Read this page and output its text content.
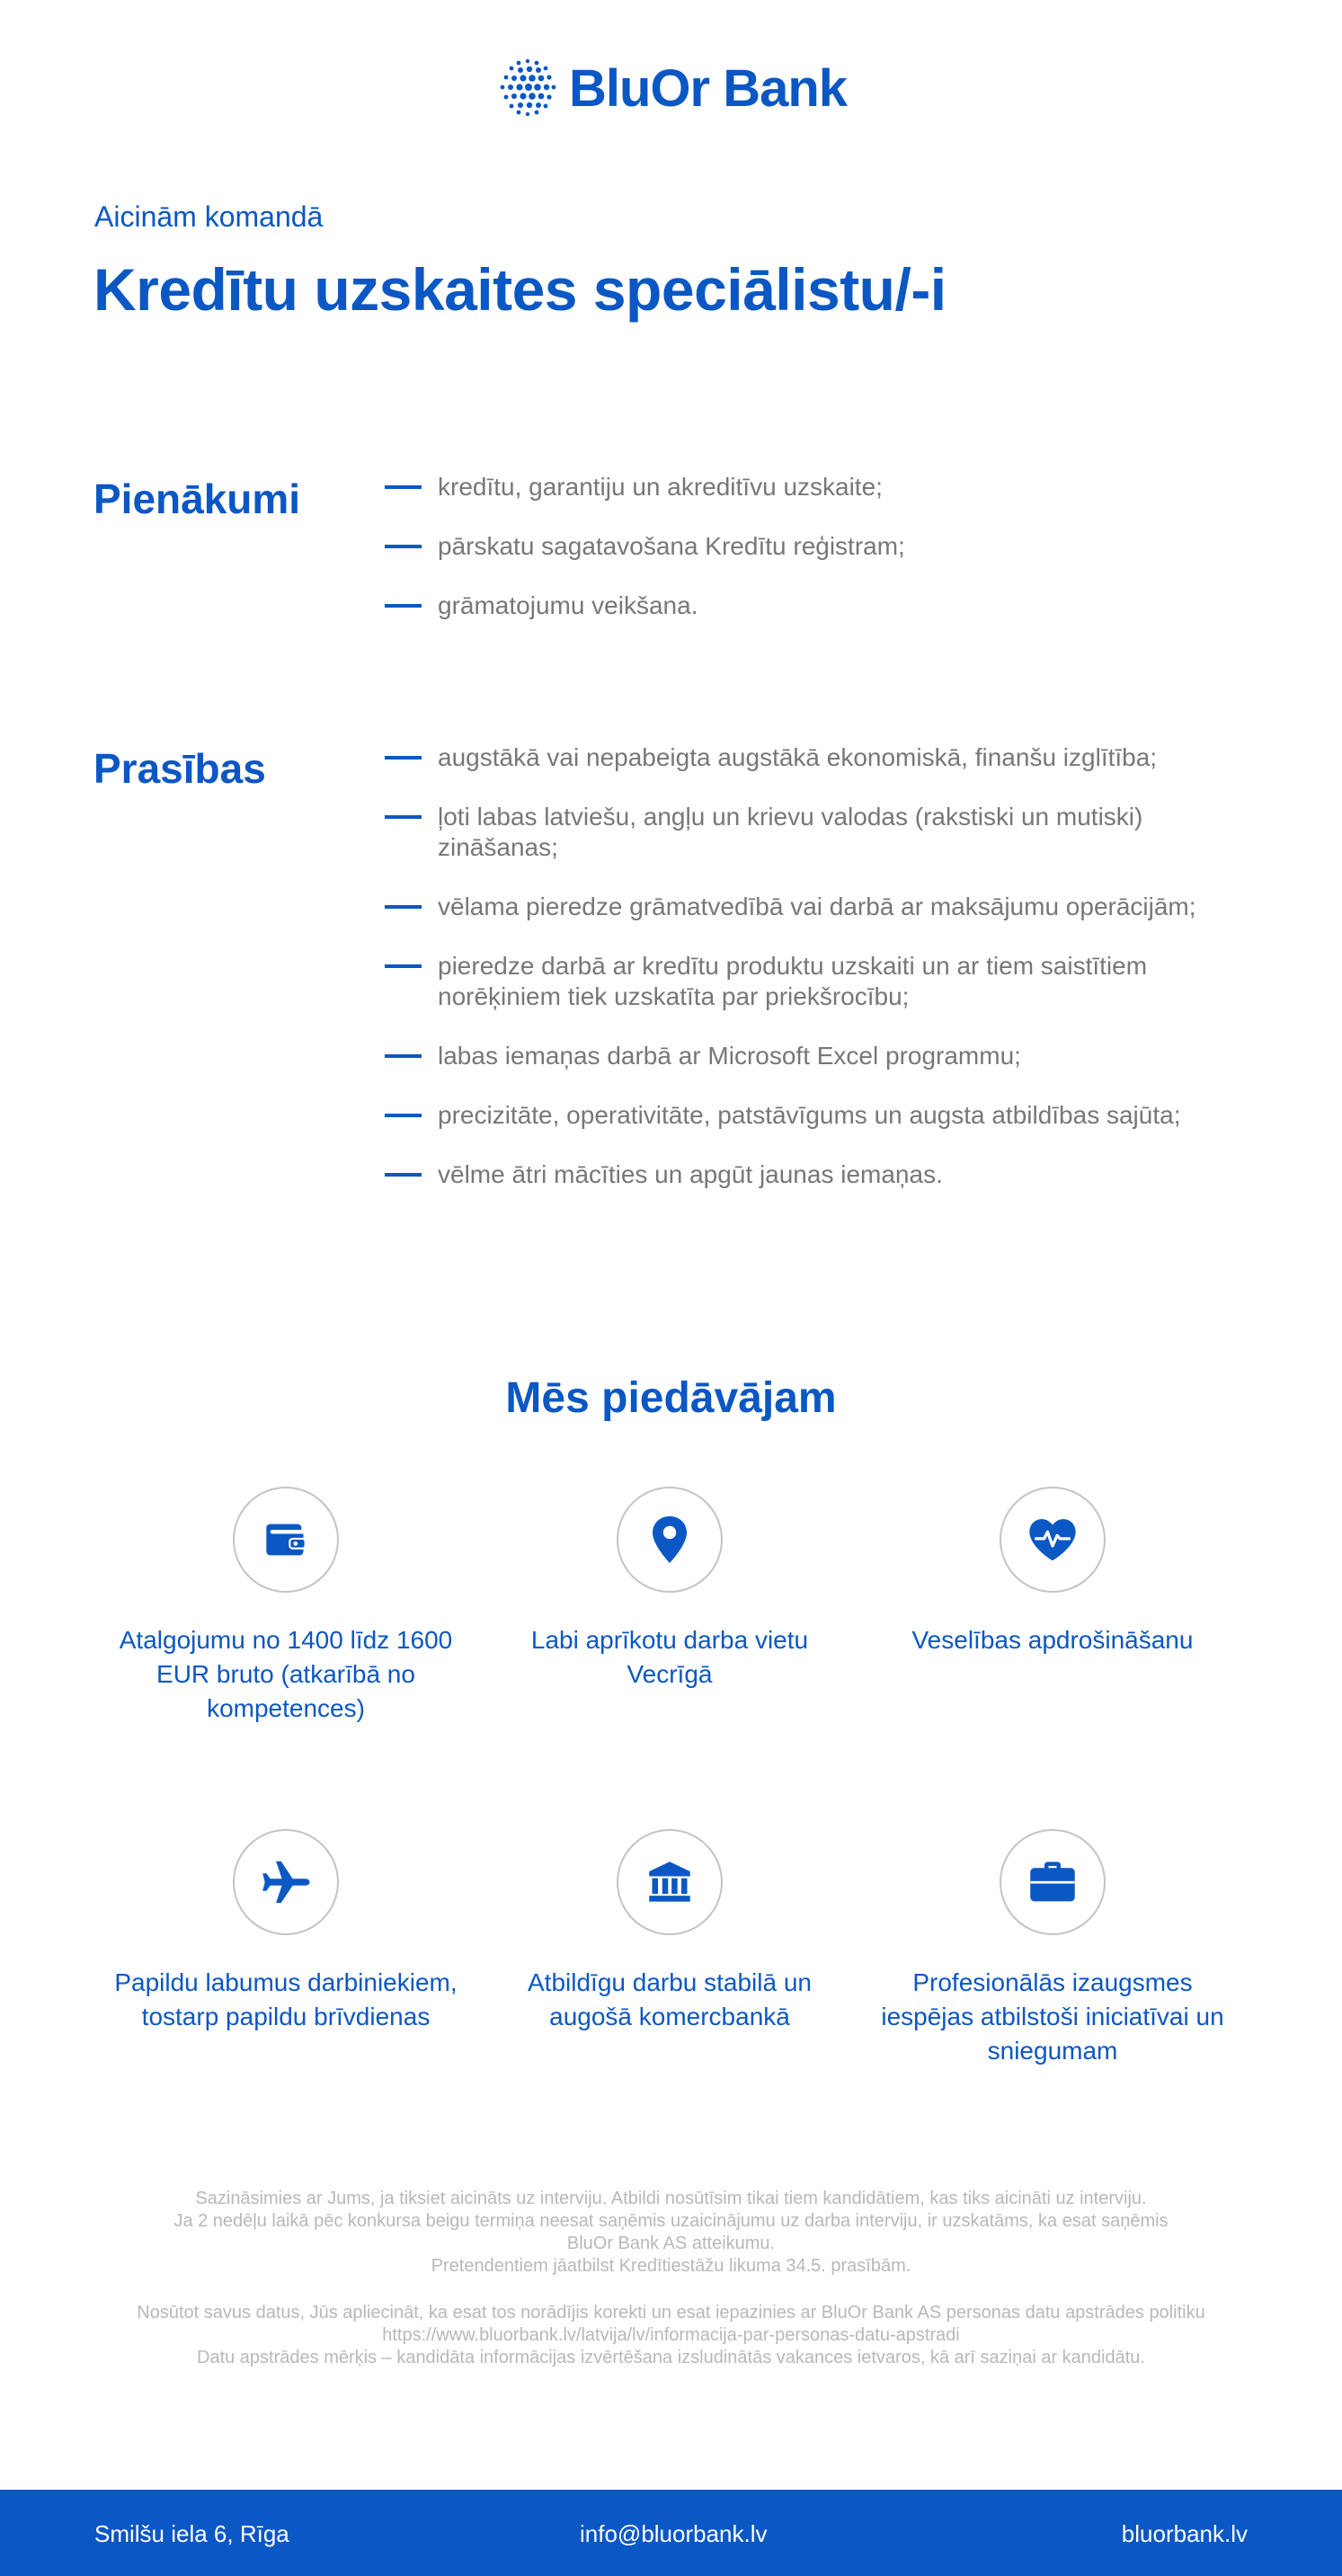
BluOr Bank
Aicinām komandā
Kredītu uzskaites speciālistu/-i
Pienākumi	kredītu, garantiju un akreditīvu uzskaite;
pārskatu sagatavošana Kredītu reģistram;
grāmatojumu veikšana.
Prasības	augstākā vai nepabeigta augstākā ekonomiskā, finanšu izglītība;
ļoti labas latviešu, angļu un krievu valodas (rakstiski un mutiski) zināšanas;
vēlama pieredze grāmatvedībā vai darbā ar maksājumu operācijām;
pieredze darbā ar kredītu produktu uzskaiti un ar tiem saistītiem norēķiniem tiek uzskatīta par priekšrocību;
labas iemaņas darbā ar Microsoft Excel programmu;
precizitāte, operativitāte, patstāvīgums un augsta atbildības sajūta;
vēlme ātri mācīties un apgūt jaunas iemaņas.
Mēs piedāvājam
Atalgojumu no 1400 līdz 1600 EUR bruto (atkarībā no kompetences)
Labi aprīkotu darba vietu Vecrīgā
Veselības apdrošināšanu
Papildu labumus darbiniekiem, tostarp papildu brīvdienas
Atbildīgu darbu stabilā un augošā komercbankā
Profesionālās izaugsmes iespējas atbilstoši iniciatīvai un sniegumam
Sazināsimies ar Jums, ja tiksiet aicināts uz interviju. Atbildi nosūtīsim tikai tiem kandidātiem, kas tiks aicināti uz interviju.
Ja 2 nedēļu laikā pēc konkursa beigu termiņa neesat saņēmis uzaicinājumu uz darba interviju, ir uzskatāms, ka esat saņēmis
BluOr Bank AS atteikumu.
Pretendentiem jāatbilst Kredītiestāžu likuma 34.5. prasībām.
Nosūtot savus datus, Jūs apliecināt, ka esat tos norādījis korekti un esat iepazinies ar BluOr Bank AS personas datu apstrādes politiku
https://www.bluorbank.lv/latvija/lv/informacija-par-personas-datu-apstradi
Datu apstrādes mērķis – kandidāta informācijas izvērtēšana izsludinātās vakances ietvaros, kā arī saziņai ar kandidātu.
Smilšu iela 6, Rīga	info@bluorbank.lv	bluorbank.lv
